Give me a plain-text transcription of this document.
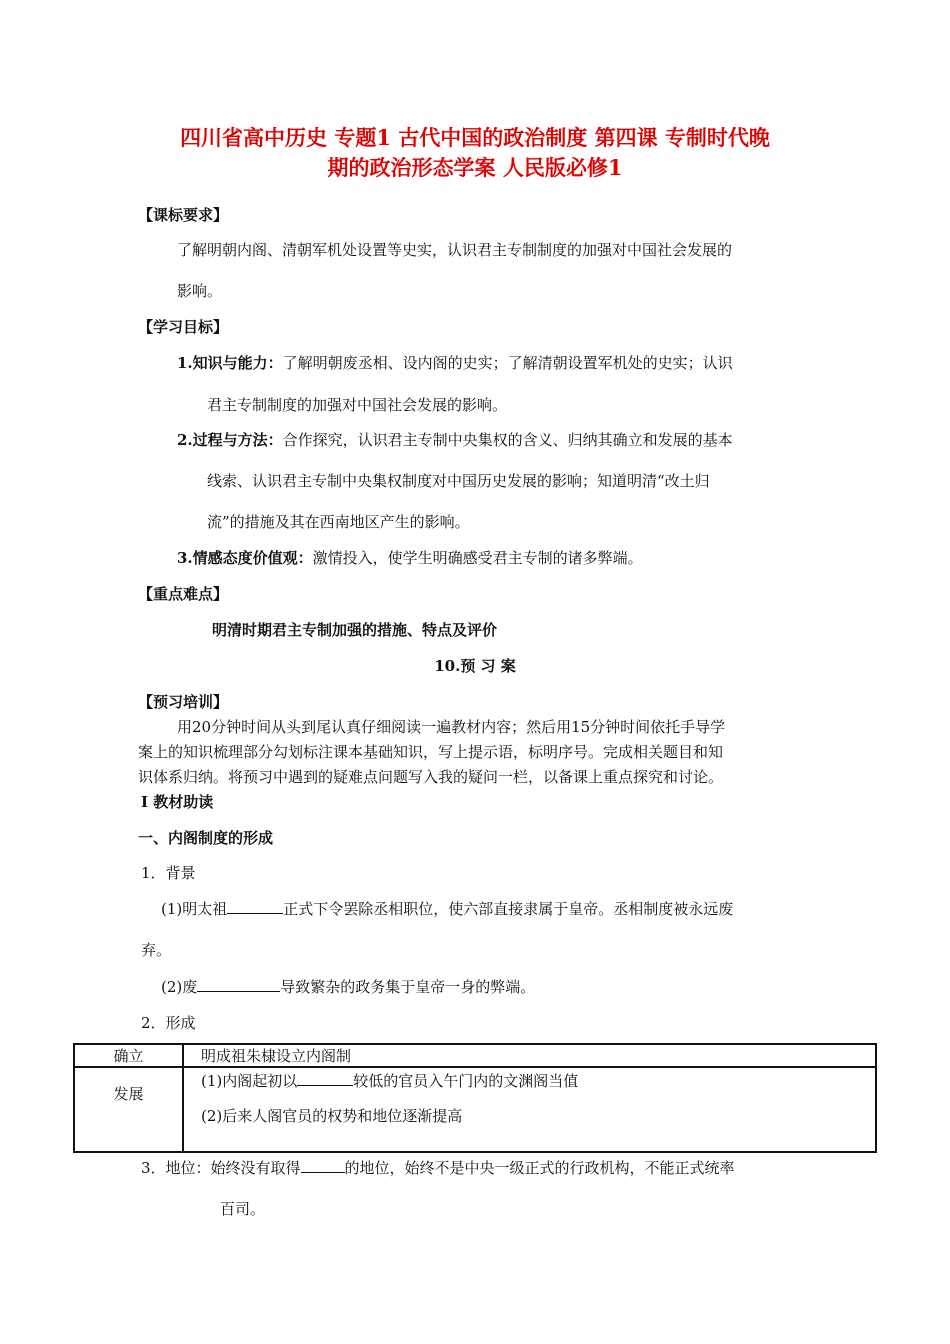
四川省高中历史 专题1 古代中国的政治制度 第四课 专制时代晚
期的政治形态学案 人民版必修1
【课标要求】
了解明朝内阁、清朝军机处设置等史实，认识君主专制制度的加强对中国社会发展的
影响。
【学习目标】
1.知识与能力：了解明朝废丞相、设内阁的史实；了解清朝设置军机处的史实；认识
君主专制制度的加强对中国社会发展的影响。
2.过程与方法：合作探究，认识君主专制中央集权的含义、归纳其确立和发展的基本
线索、认识君主专制中央集权制度对中国历史发展的影响；知道明清“改土归
流”的措施及其在西南地区产生的影响。
3.情感态度价值观：激情投入，使学生明确感受君主专制的诸多弊端。
【重点难点】
明清时期君主专制加强的措施、特点及评价
10.预 习 案
【预习培训】
用20分钟时间从头到尾认真仔细阅读一遍教材内容；然后用15分钟时间依托手导学
案上的知识梳理部分勾划标注课本基础知识，写上提示语，标明序号。完成相关题目和知
识体系归纳。将预习中遇到的疑难点问题写入我的疑问一栏，以备课上重点探究和讨论。
Ⅰ 教材助读
一、内阁制度的形成
1．背景
(1)明太祖	正式下令罢除丞相职位，使六部直接隶属于皇帝。丞相制度被永远废
弃。
(2)废	导致繁杂的政务集于皇帝一身的弊端。
2．形成
确立	明成祖朱棣设立内阁制
发展	(1)内阁起初以 较低的官员入午门内的文渊阁当值
(2)后来人阁官员的权势和地位逐渐提高
3．地位：始终没有取得	的地位，始终不是中央一级正式的行政机构，不能正式统率
百司。
